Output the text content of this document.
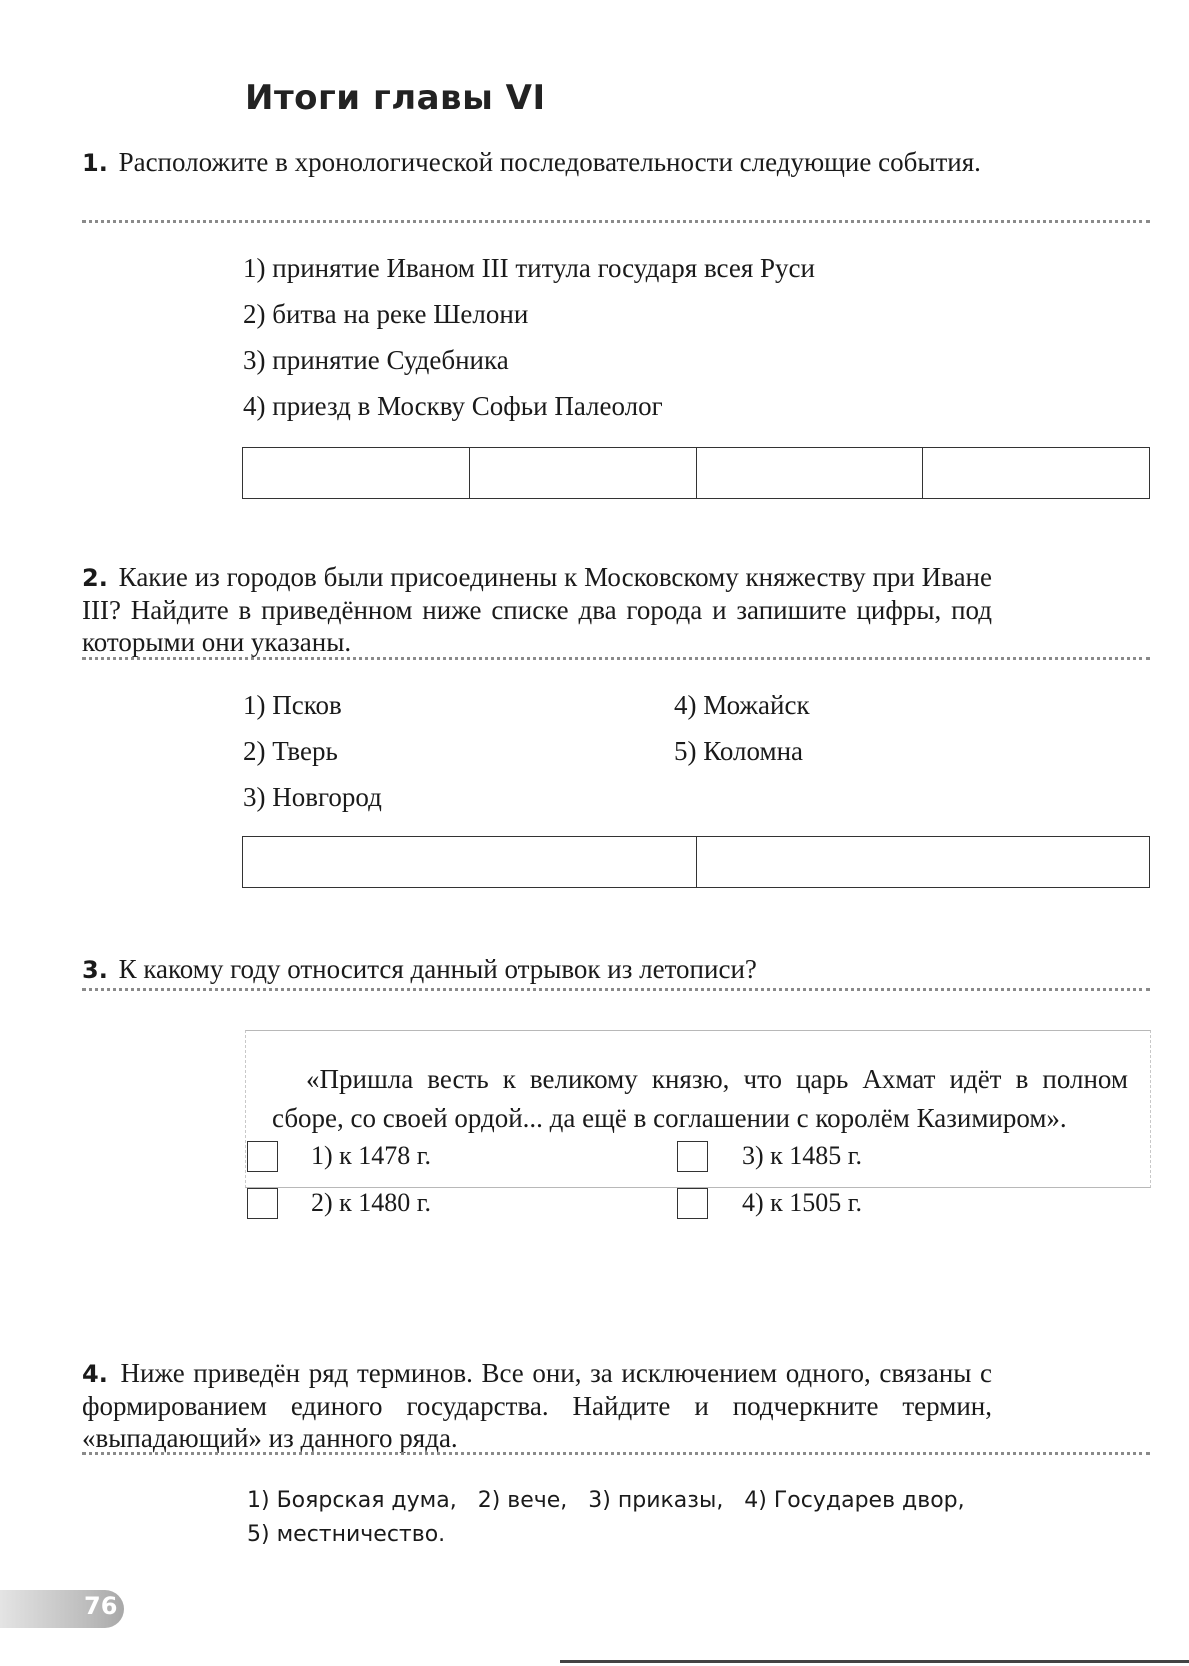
Итоги главы VI
1. Расположите в хронологической последовательности следующие события.
1) принятие Иваном III титула государя всея Руси
2) битва на реке Шелони
3) принятие Судебника
4) приезд в Москву Софьи Палеолог
2. Какие из городов были присоединены к Московскому княжеству при Иване III? Найдите в приведённом ниже списке два города и запишите цифры, под которыми они указаны.
1) Псков
2) Тверь
3) Новгород
4) Можайск
5) Коломна
3. К какому году относится данный отрывок из летописи?
«Пришла весть к великому князю, что царь Ахмат идёт в полном сборе, со своей ордой... да ещё в соглашении с королём Казимиром».
1) к 1478 г.
2) к 1480 г.
3) к 1485 г.
4) к 1505 г.
4. Ниже приведён ряд терминов. Все они, за исключением одного, связаны с формированием единого государства. Найдите и подчеркните термин, «выпадающий» из данного ряда.
1) Боярская дума,   2) вече,   3) приказы,   4) Государев двор,
5) местничество.
76
